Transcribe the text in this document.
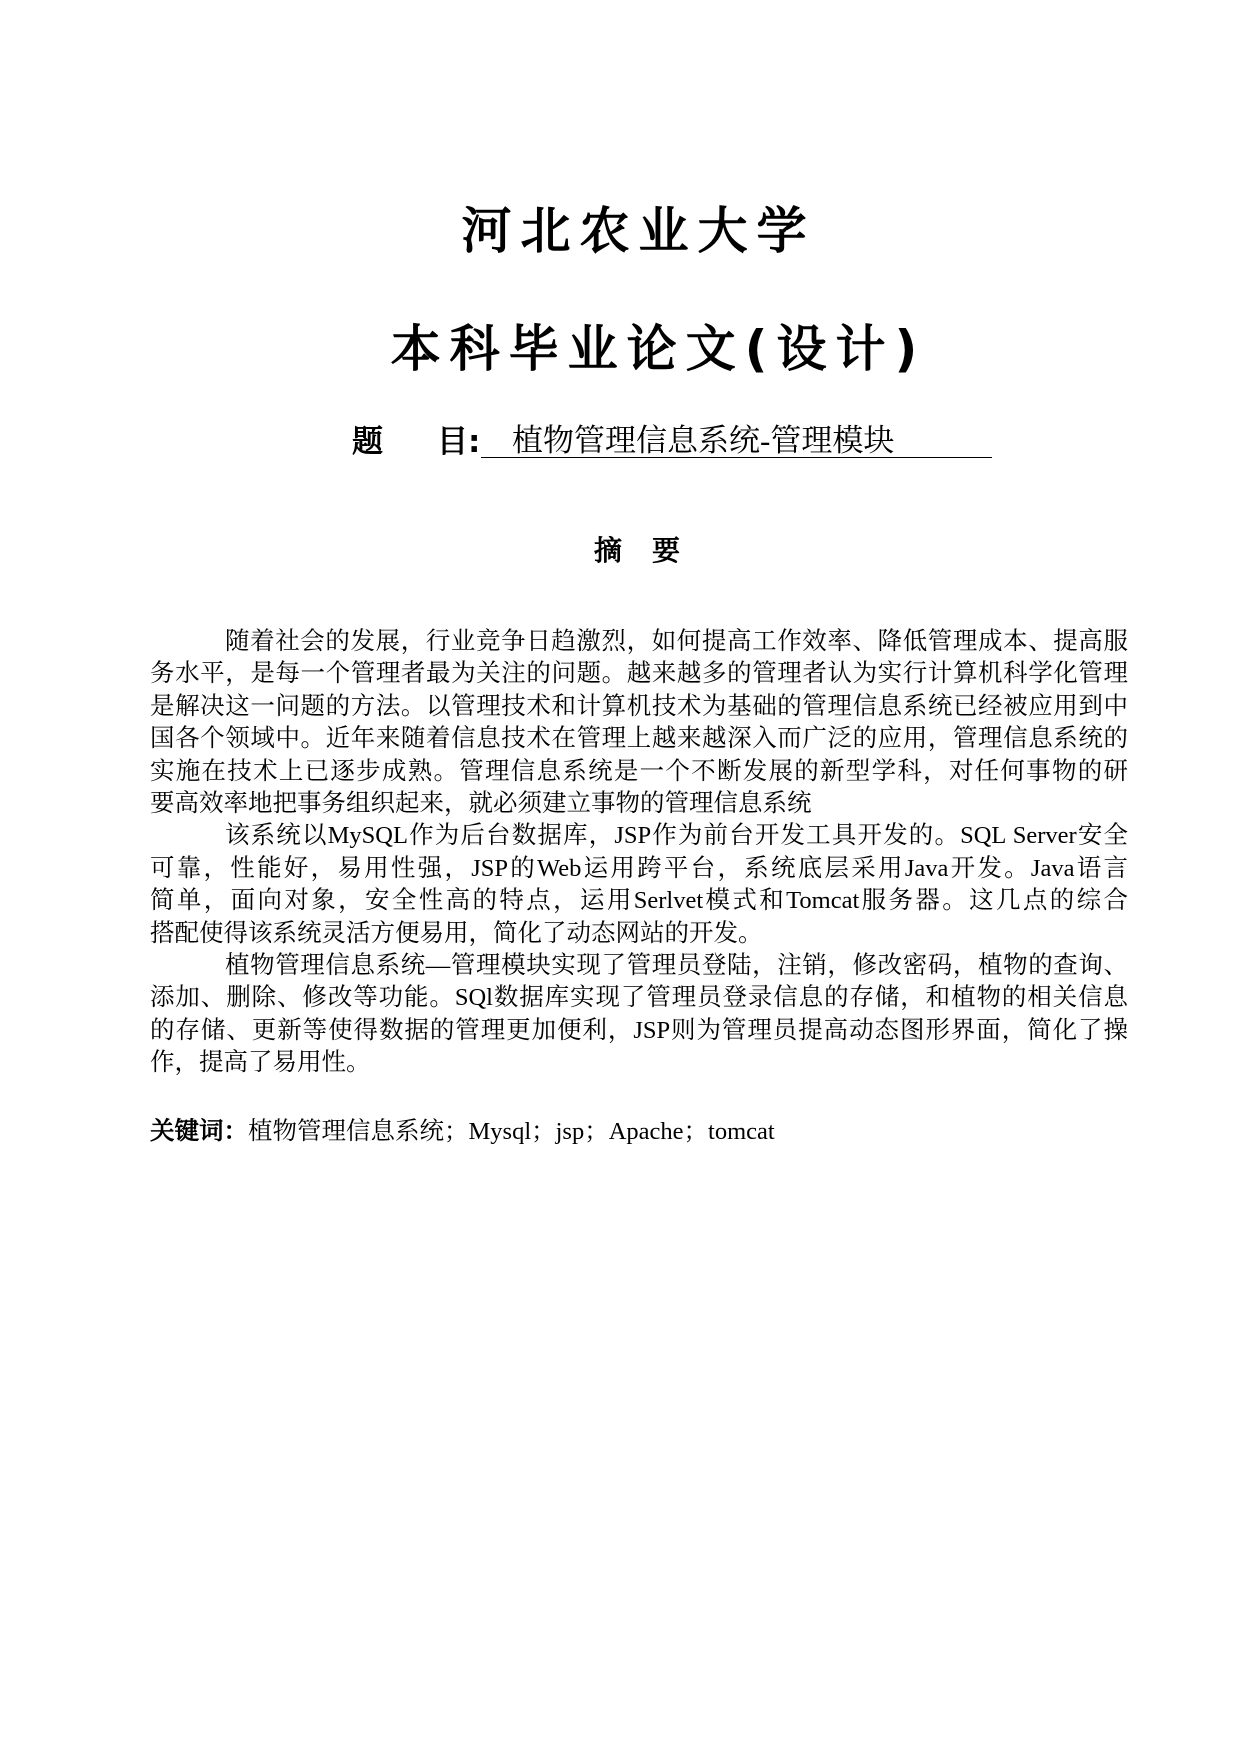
河北农业大学
本科毕业论文(设计)
题 目:	植物管理信息系统-管理模块
摘 要
随着社会的发展，行业竞争日趋激烈，如何提高工作效率、降低管理成本、提高服
务水平，是每一个管理者最为关注的问题。越来越多的管理者认为实行计算机科学化管理
是解决这一问题的方法。以管理技术和计算机技术为基础的管理信息系统已经被应用到中
国各个领域中。近年来随着信息技术在管理上越来越深入而广泛的应用，管理信息系统的
实施在技术上已逐步成熟。管理信息系统是一个不断发展的新型学科，对任何事物的研
要高效率地把事务组织起来，就必须建立事物的管理信息系统
该系统以MySQL作为后台数据库，JSP作为前台开发工具开发的。SQL Server安全
可靠，性能好，易用性强，JSP的Web运用跨平台，系统底层采用Java开发。Java语言
简单，面向对象，安全性高的特点，运用Serlvet模式和Tomcat服务器。这几点的综合
搭配使得该系统灵活方便易用，简化了动态网站的开发。
植物管理信息系统—管理模块实现了管理员登陆，注销，修改密码，植物的查询、
添加、删除、修改等功能。SQl数据库实现了管理员登录信息的存储，和植物的相关信息
的存储、更新等使得数据的管理更加便利，JSP则为管理员提高动态图形界面，简化了操
作，提高了易用性。
关键词：植物管理信息系统；Mysql；jsp；Apache；tomcat
